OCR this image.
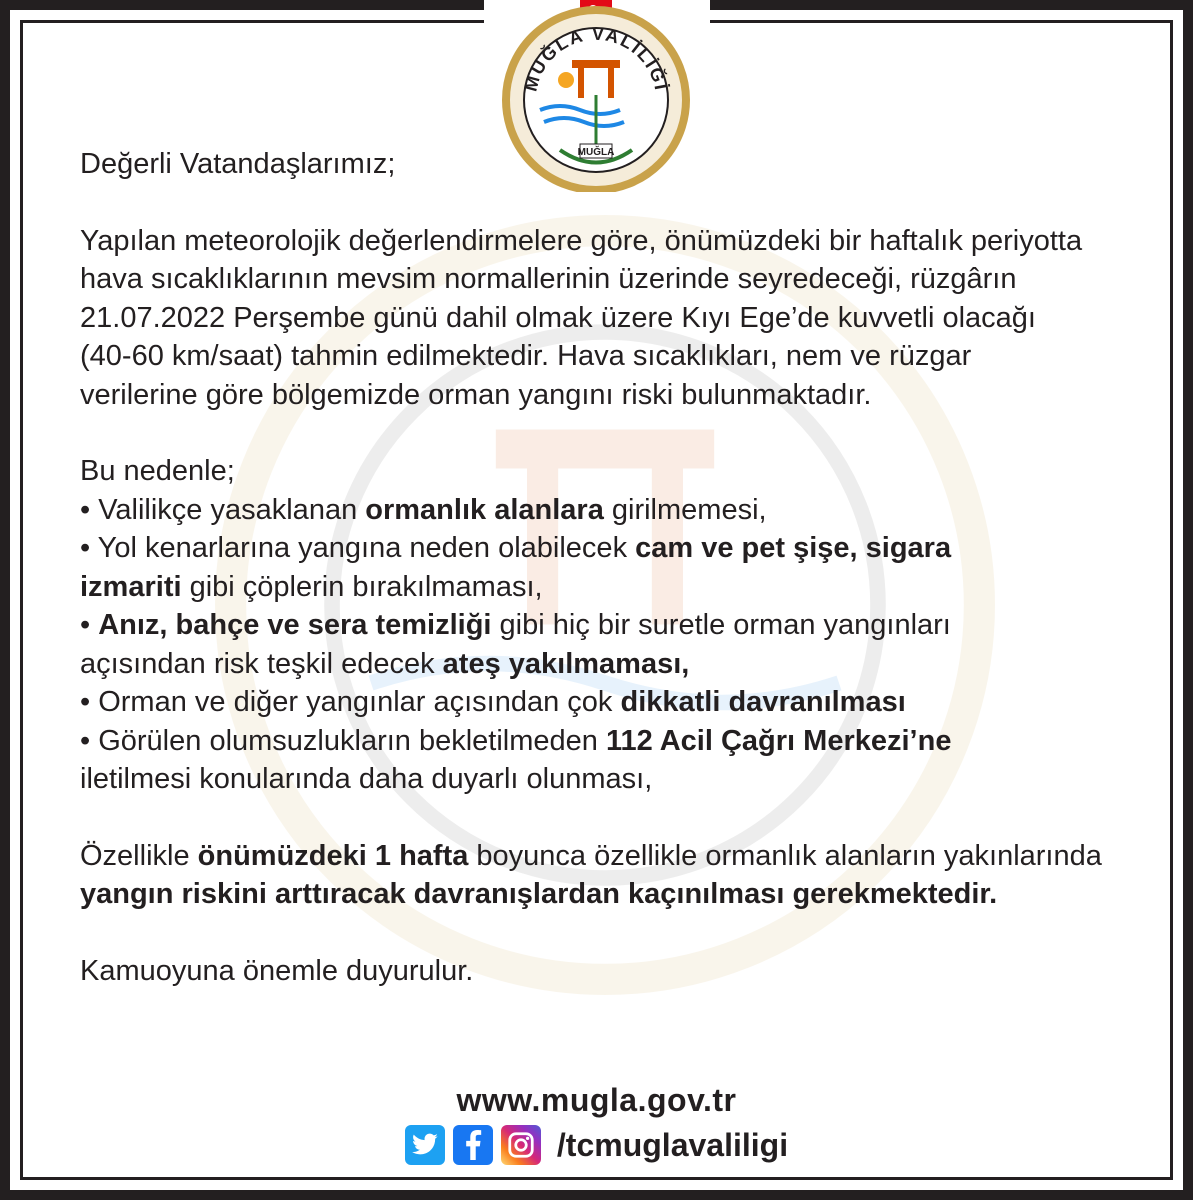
MUĞLA VALİLİĞİ
MUĞLA

Değerli Vatandaşlarımız;

Yapılan meteorolojik değerlendirmelere göre, önümüzdeki bir haftalık periyotta hava sıcaklıklarının mevsim normallerinin üzerinde seyredeceği, rüzgârın 21.07.2022 Perşembe günü dahil olmak üzere Kıyı Ege’de kuvvetli olacağı (40-60 km/saat) tahmin edilmektedir. Hava sıcaklıkları, nem ve rüzgar verilerine göre bölgemizde orman yangını riski bulunmaktadır.

Bu nedenle;

• Valilikçe yasaklanan ormanlık alanlara girilmemesi,

• Yol kenarlarına yangına neden olabilecek cam ve pet şişe, sigara izmariti gibi çöplerin bırakılmaması,

• Anız, bahçe ve sera temizliği gibi hiç bir suretle orman yangınları açısından risk teşkil edecek ateş yakılmaması,

• Orman ve diğer yangınlar açısından çok dikkatli davranılması

• Görülen olumsuzlukların bekletilmeden 112 Acil Çağrı Merkezi’ne iletilmesi konularında daha duyarlı olunması,

Özellikle önümüzdeki 1 hafta boyunca özellikle ormanlık alanların yakınlarında yangın riskini arttıracak davranışlardan kaçınılması gerekmektedir.

Kamuoyuna önemle duyurulur.

www.mugla.gov.tr
/tcmuglavaliligi
